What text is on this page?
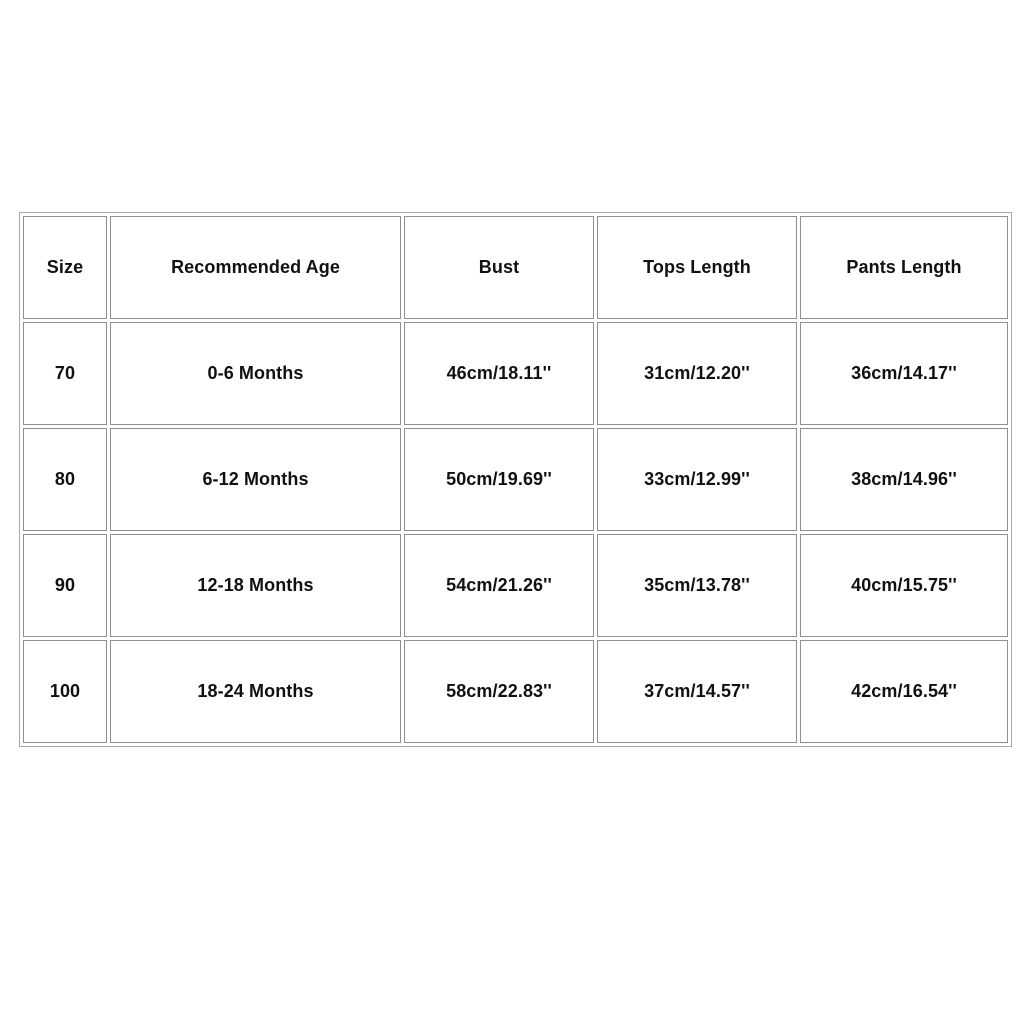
Size	Recommended Age	Bust	Tops Length	Pants Length
70	0-6 Months	46cm/18.11''	31cm/12.20''	36cm/14.17''
80	6-12 Months	50cm/19.69''	33cm/12.99''	38cm/14.96''
90	12-18 Months	54cm/21.26''	35cm/13.78''	40cm/15.75''
100	18-24 Months	58cm/22.83''	37cm/14.57''	42cm/16.54''
